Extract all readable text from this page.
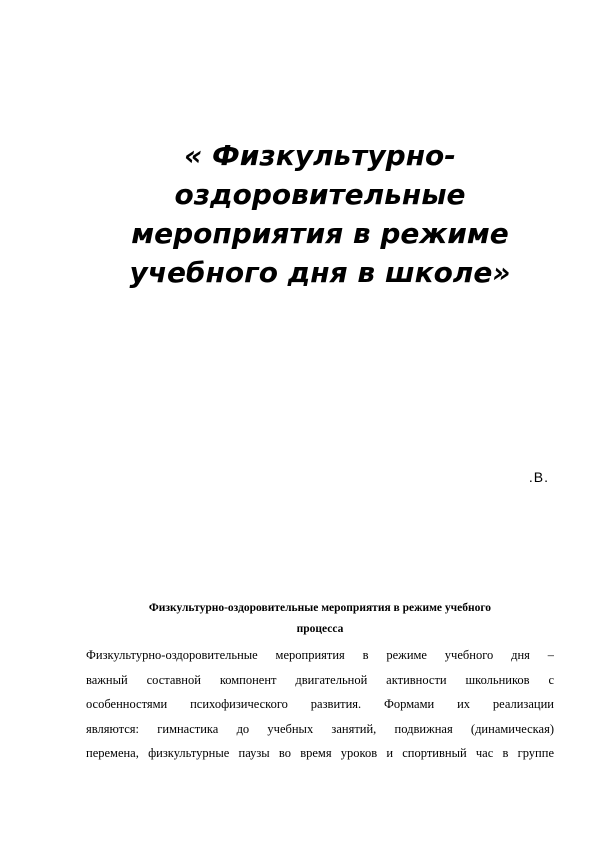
« Физкультурно-
оздоровительные
мероприятия в режиме
учебного дня в школе»
.В.
Физкультурно-оздоровительные мероприятия в режиме учебного
процесса
Физкультурно-оздоровительные мероприятия в режиме учебного дня –
важный составной компонент двигательной активности школьников с
особенностями психофизического развития. Формами их реализации
являются: гимнастика до учебных занятий, подвижная (динамическая)
перемена, физкультурные паузы во время уроков и спортивный час в группе
